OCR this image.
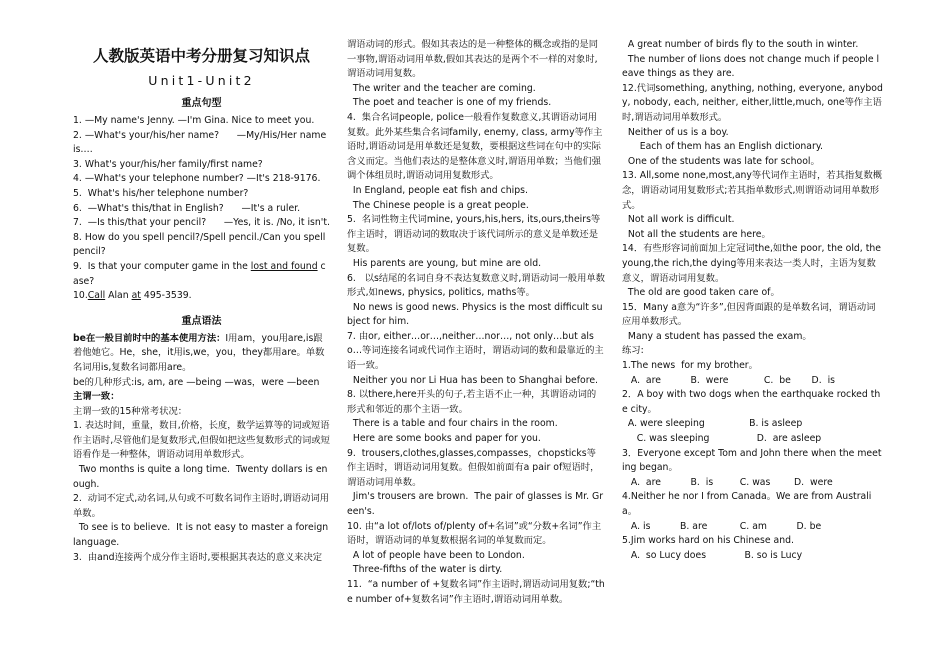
人教版英语中考分册复习知识点

Unit1-Unit2

重点句型

1. —My name's Jenny. —I'm Gina. Nice to meet you.

2. —What's your/his/her name?      —My/His/Her name is….

3. What's your/his/her family/first name?

4. —What's your telephone number? —It's 218-9176.

5.  What's his/her telephone number?

6.  —What's this/that in English?      —It's a ruler.

7.  —Is this/that your pencil?      —Yes, it is. /No, it isn't.

8. How do you spell pencil?/Spell pencil./Can you spell pencil?

9.  Is that your computer game in the lost and found case?

10.Call Alan at 495-3539.

重点语法

be在一般目前时中的基本使用方法：I用am，you用are,is跟着他她它。He，she，it用is,we，you，they都用are。单数名词用is,复数名词都用are。

be的几种形式:is, am, are —being —was，were —been

主谓一致：

主谓一致的15种常考状况：

1. 表达时间，重量，数目,价格，长度，数学运算等的词或短语作主语时,尽管他们是复数形式,但假如把这些复数形式的词或短语看作是一种整体，谓语动词用单数形式。

Two months is quite a long time.  Twenty dollars is enough.

2.  动词不定式,动名词,从句或不可数名词作主语时,谓语动词用单数。

To see is to believe.  It is not easy to master a foreign language.

3.  由and连接两个成分作主语时,要根据其表达的意义来决定

谓语动词的形式。假如其表达的是一种整体的概念或指的是同一事物,谓语动词用单数,假如其表达的是两个不一样的对象时,谓语动词用复数。

The writer and the teacher are coming.

The poet and teacher is one of my friends.

4.  集合名词people, police一般看作复数意义,其谓语动词用复数。此外某些集合名词family, enemy, class, army等作主语时,谓语动词是用单数还是复数，要根据这些词在句中的实际含义而定。当他们表达的是整体意义时,谓语用单数；当他们强调个体组员时,谓语动词用复数形式。

In England, people eat fish and chips.

The Chinese people is a great people.

5.  名词性物主代词mine, yours,his,hers, its,ours,theirs等作主语时，谓语动词的数取决于该代词所示的意义是单数还是复数。

His parents are young, but mine are old.

6.   以s结尾的名词自身不表达复数意义时,谓语动词一般用单数形式,如news, physics, politics, maths等。

No news is good news. Physics is the most difficult subject for him.

7. 由or, either…or…,neither…nor…, not only…but also…等词连接名词或代词作主语时，谓语动词的数和最靠近的主语一致。

Neither you nor Li Hua has been to Shanghai before.

8. 以there,here开头的句子,若主语不止一种，其谓语动词的形式和邻近的那个主语一致。

There is a table and four chairs in the room.

Here are some books and paper for you.

9.  trousers,clothes,glasses,compasses，chopsticks等作主语时，谓语动词用复数。但假如前面有a pair of短语时，谓语动词用单数。

Jim's trousers are brown.  The pair of glasses is Mr. Green's.

10. 由“a lot of/lots of/plenty of+名词”或“分数+名词”作主语时，谓语动词的单复数根据名词的单复数而定。

A lot of people have been to London.

Three-fifths of the water is dirty.

11.  “a number of +复数名词”作主语时,谓语动词用复数;“the number of+复数名词”作主语时,谓语动词用单数。

A great number of birds fly to the south in winter.

The number of lions does not change much if people leave things as they are.

12.代词something, anything, nothing, everyone, anybody, nobody, each, neither, either,little,much, one等作主语时,谓语动词用单数形式。

Neither of us is a boy.

Each of them has an English dictionary.

One of the students was late for school。

13. All,some none,most,any等代词作主语时，若其指复数概念，谓语动词用复数形式;若其指单数形式,则谓语动词用单数形式。

Not all work is difficult.

Not all the students are here。

14．有些形容词前面加上定冠词the,如the poor, the old, the young,the rich,the dying等用来表达一类人时，主语为复数意义，谓语动词用复数。

The old are good taken care of。

15．Many a意为“许多”,但因背面跟的是单数名词，谓语动词应用单数形式。

Many a student has passed the exam。

练习:

1.The news  for my brother。

A.  are          B.  were            C.  be       D.  is

2．A boy with two dogs when the earthquake rocked the city。

A. were sleeping               B. is asleep

C. was sleeping                D.  are asleep

3．Everyone except Tom and John there when the meeting began。

A.  are          B.  is         C. was        D.  were

4.Neither he nor I from Canada。We are from Australia。

A. is          B. are           C. am          D. be

5.Jim works hard on his Chinese and.

A.  so Lucy does             B. so is Lucy
